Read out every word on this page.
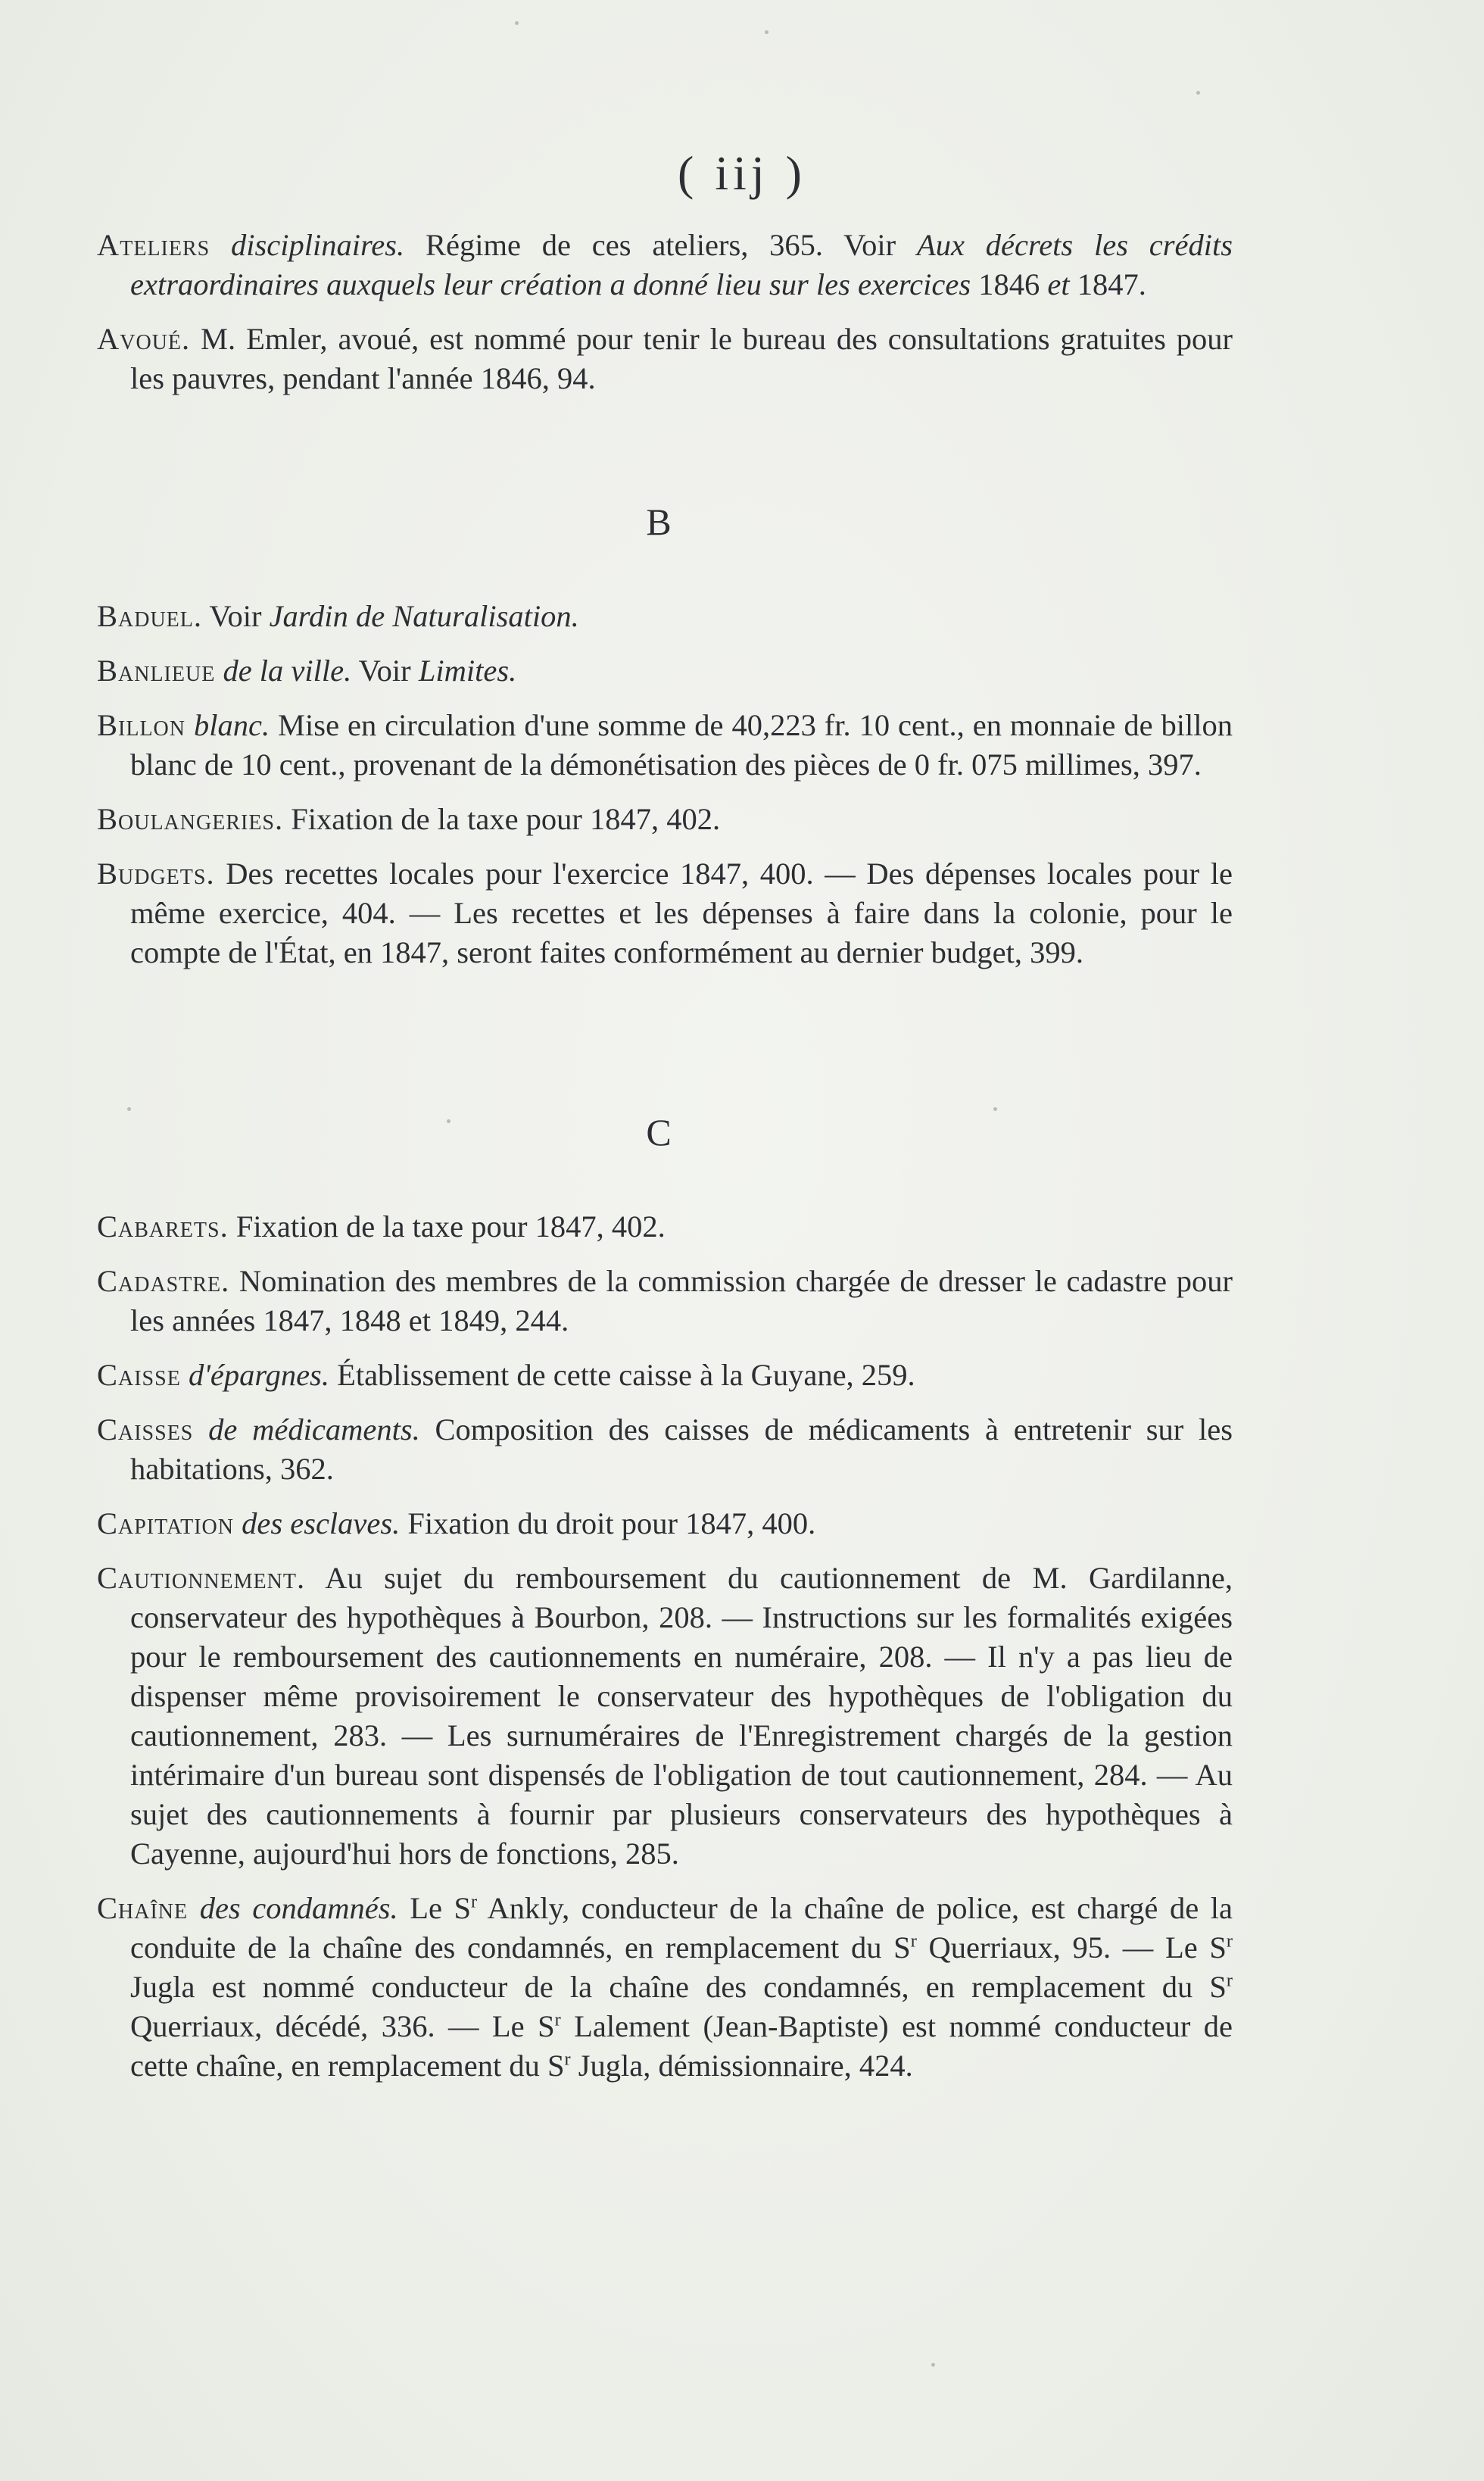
( iij )

Ateliers disciplinaires. Régime de ces ateliers, 365. Voir Aux décrets les crédits extraordinaires auxquels leur création a donné lieu sur les exercices 1846 et 1847.

Avoué. M. Emler, avoué, est nommé pour tenir le bureau des consultations gratuites pour les pauvres, pendant l'année 1846, 94.

B

Baduel. Voir Jardin de Naturalisation.

Banlieue de la ville. Voir Limites.

Billon blanc. Mise en circulation d'une somme de 40,223 fr. 10 cent., en monnaie de billon blanc de 10 cent., provenant de la démonétisation des pièces de 0 fr. 075 millimes, 397.

Boulangeries. Fixation de la taxe pour 1847, 402.

Budgets. Des recettes locales pour l'exercice 1847, 400. — Des dépenses locales pour le même exercice, 404. — Les recettes et les dépenses à faire dans la colonie, pour le compte de l'État, en 1847, seront faites conformément au dernier budget, 399.

C

Cabarets. Fixation de la taxe pour 1847, 402.

Cadastre. Nomination des membres de la commission chargée de dresser le cadastre pour les années 1847, 1848 et 1849, 244.

Caisse d'épargnes. Établissement de cette caisse à la Guyane, 259.

Caisses de médicaments. Composition des caisses de médicaments à entretenir sur les habitations, 362.

Capitation des esclaves. Fixation du droit pour 1847, 400.

Cautionnement. Au sujet du remboursement du cautionnement de M. Gardilanne, conservateur des hypothèques à Bourbon, 208. — Instructions sur les formalités exigées pour le remboursement des cautionnements en numéraire, 208. — Il n'y a pas lieu de dispenser même provisoirement le conservateur des hypothèques de l'obligation du cautionnement, 283. — Les surnuméraires de l'Enregistrement chargés de la gestion intérimaire d'un bureau sont dispensés de l'obligation de tout cautionnement, 284. — Au sujet des cautionnements à fournir par plusieurs conservateurs des hypothèques à Cayenne, aujourd'hui hors de fonctions, 285.

Chaîne des condamnés. Le $S^r$ Ankly, conducteur de la chaîne de police, est chargé de la conduite de la chaîne des condamnés, en remplacement du $S^r$ Querriaux, 95. — Le $S^r$ Jugla est nommé conducteur de la chaîne des condamnés, en remplacement du $S^r$ Querriaux, décédé, 336. — Le $S^r$ Lalement (Jean-Baptiste) est nommé conducteur de cette chaîne, en remplacement du $S^r$ Jugla, démissionnaire, 424.
